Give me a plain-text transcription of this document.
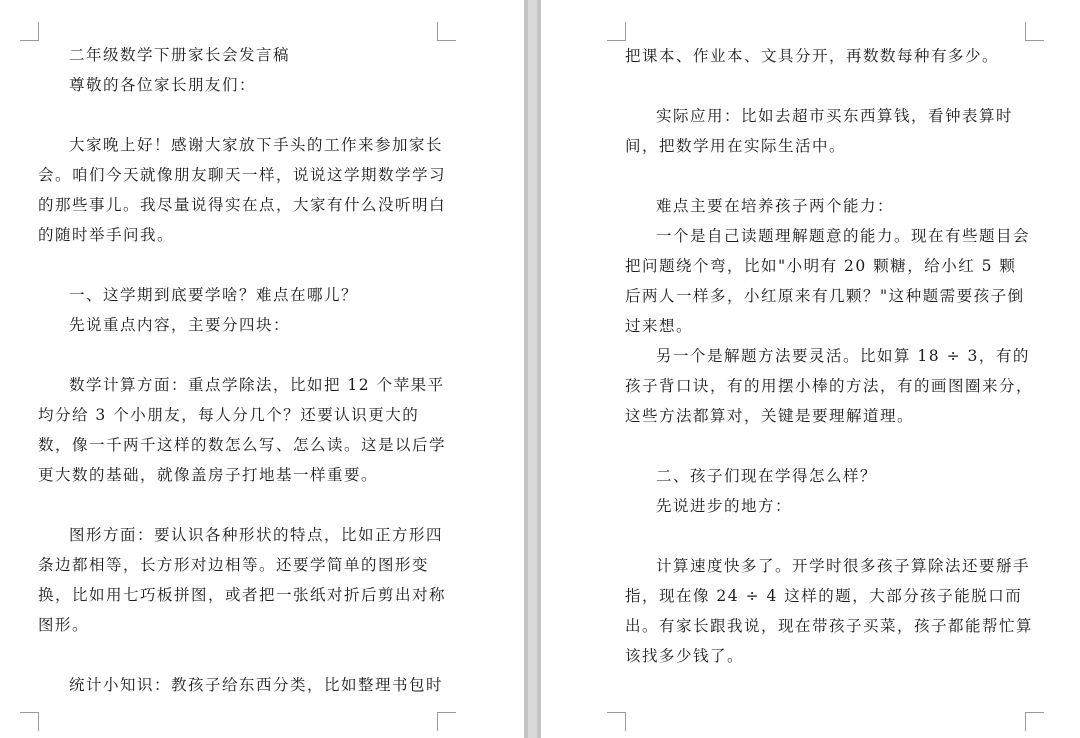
二年级数学下册家长会发言稿

尊敬的各位家长朋友们：

大家晚上好！感谢大家放下手头的工作来参加家长会。咱们今天就像朋友聊天一样，说说这学期数学学习的那些事儿。我尽量说得实在点，大家有什么没听明白的随时举手问我。

一、这学期到底要学啥？难点在哪儿？

先说重点内容，主要分四块：

数学计算方面：重点学除法，比如把 12 个苹果平均分给 3 个小朋友，每人分几个？还要认识更大的数，像一千两千这样的数怎么写、怎么读。这是以后学更大数的基础，就像盖房子打地基一样重要。

图形方面：要认识各种形状的特点，比如正方形四条边都相等，长方形对边相等。还要学简单的图形变换，比如用七巧板拼图，或者把一张纸对折后剪出对称图形。

统计小知识：教孩子给东西分类，比如整理书包时

把课本、作业本、文具分开，再数数每种有多少。

实际应用：比如去超市买东西算钱，看钟表算时间，把数学用在实际生活中。

难点主要在培养孩子两个能力：

一个是自己读题理解题意的能力。现在有些题目会把问题绕个弯，比如"小明有 20 颗糖，给小红 5 颗后两人一样多，小红原来有几颗？"这种题需要孩子倒过来想。

另一个是解题方法要灵活。比如算 18 ÷ 3，有的孩子背口诀，有的用摆小棒的方法，有的画图圈来分，这些方法都算对，关键是要理解道理。

二、孩子们现在学得怎么样？

先说进步的地方：

计算速度快多了。开学时很多孩子算除法还要掰手指，现在像 24 ÷ 4 这样的题，大部分孩子能脱口而出。有家长跟我说，现在带孩子买菜，孩子都能帮忙算该找多少钱了。
